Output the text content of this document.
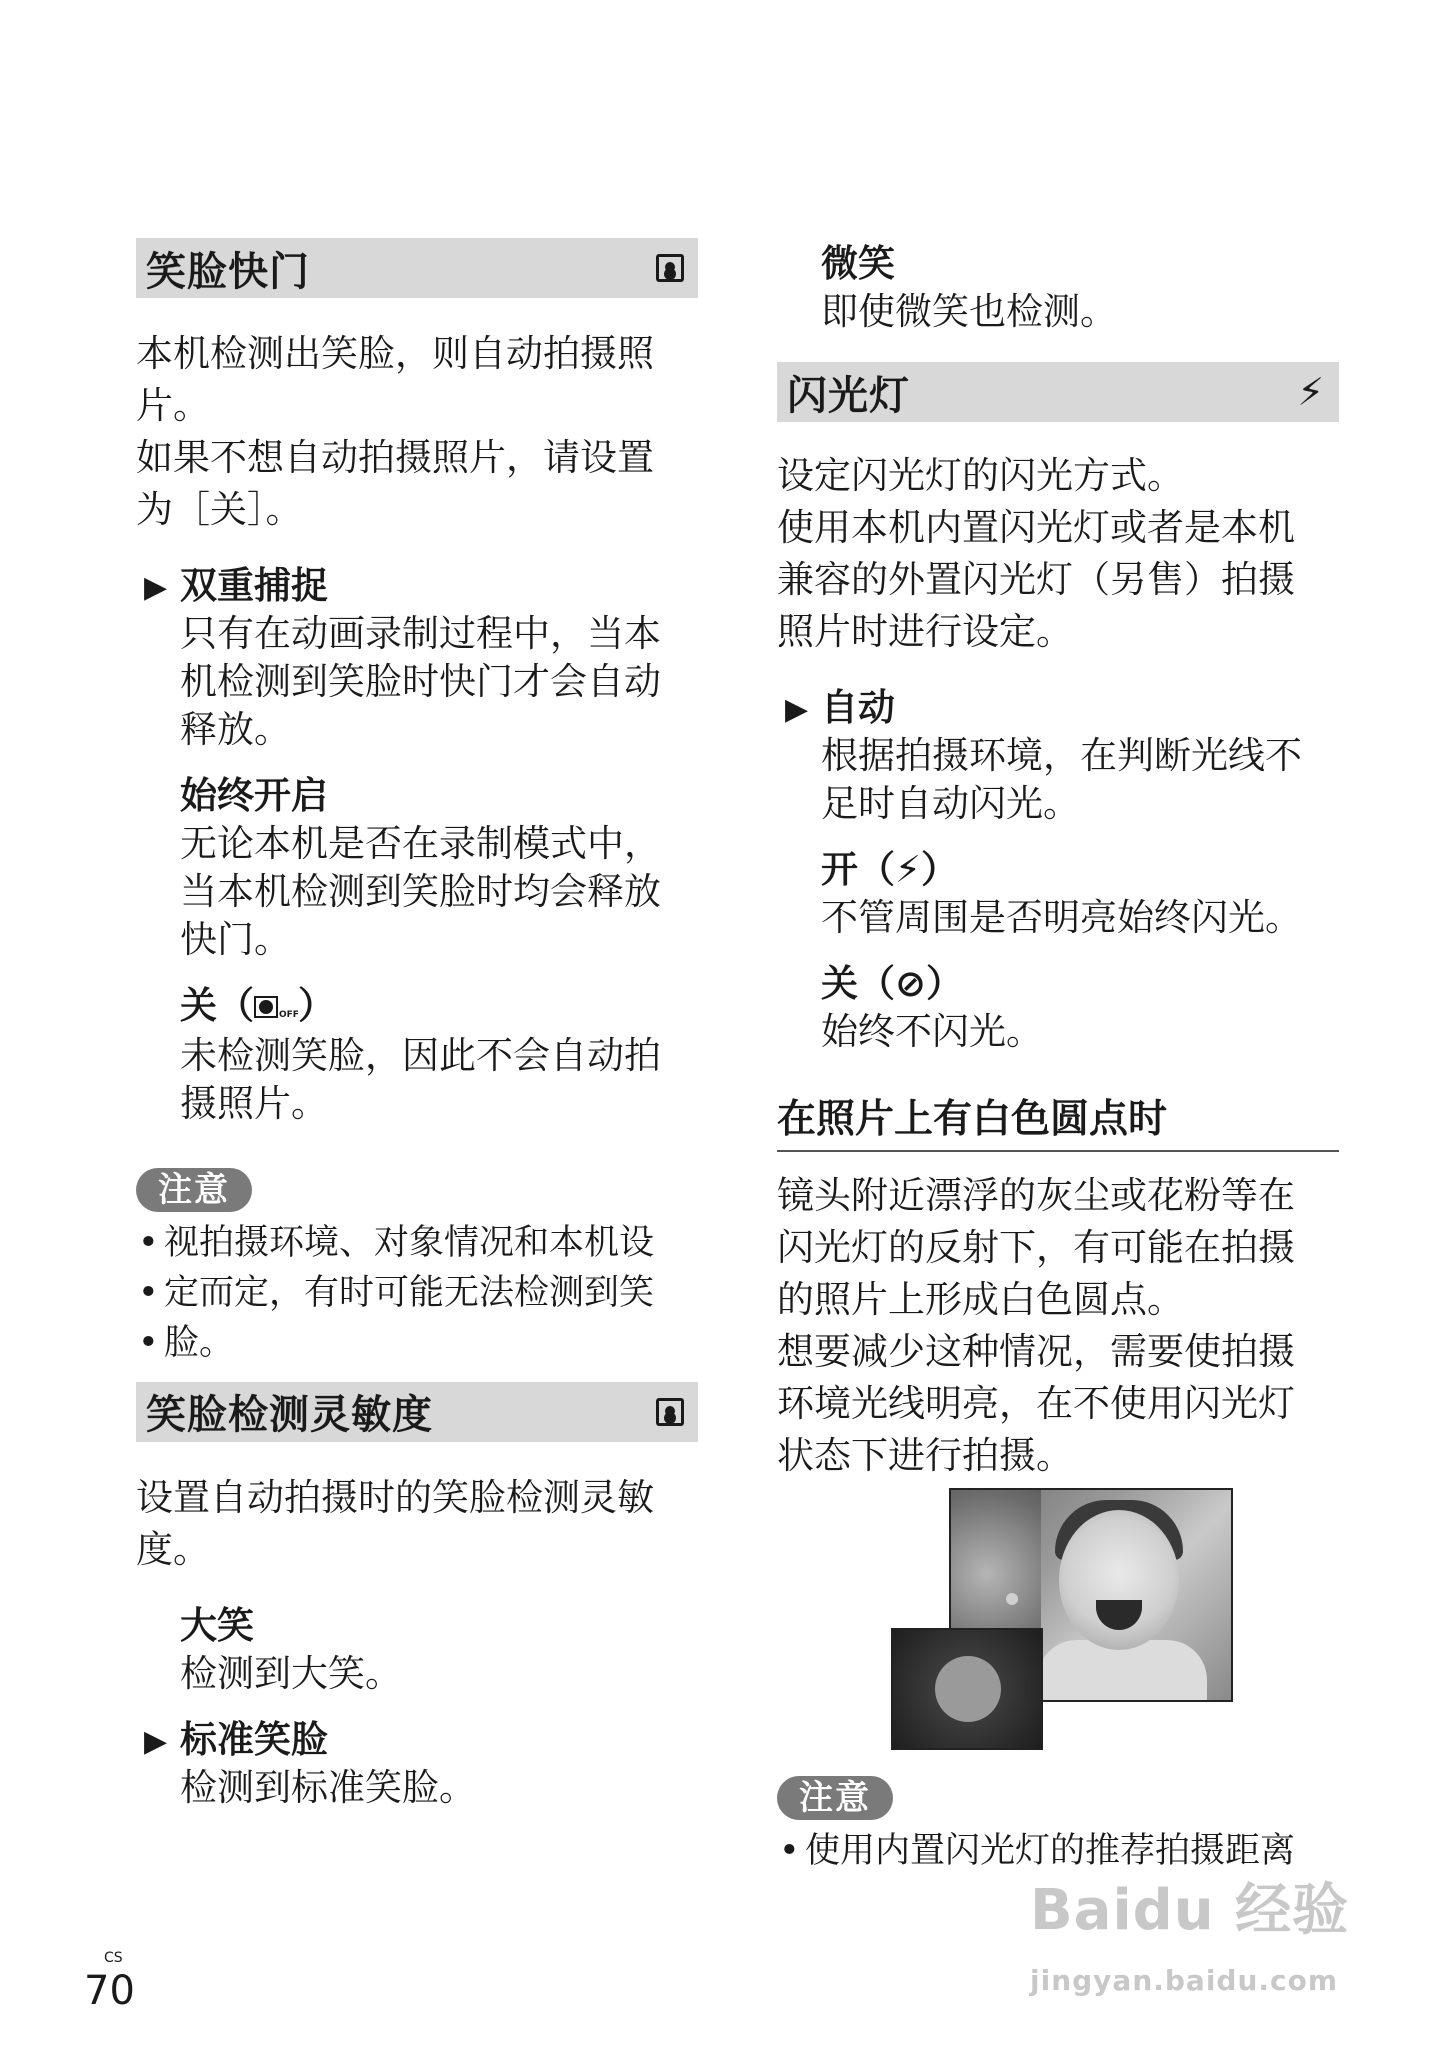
笑脸快门

本机检测出笑脸，则自动拍摄照

片。

如果不想自动拍摄照片，请设置

为［关］。

▶ 双重捕捉
只有在动画录制过程中，当本
机检测到笑脸时快门才会自动
释放。
始终开启
无论本机是否在录制模式中，
当本机检测到笑脸时均会释放
快门。
关（	OFF ）
未检测笑脸，因此不会自动拍
摄照片。
注意
• 视拍摄环境、对象情况和本机设
• 定而定，有时可能无法检测到笑
• 脸。
笑脸检测灵敏度

设置自动拍摄时的笑脸检测灵敏

度。

大笑
检测到大笑。
▶ 标准笑脸
检测到标准笑脸。
微笑
即使微笑也检测。
闪光灯	⚡

设定闪光灯的闪光方式。

使用本机内置闪光灯或者是本机

兼容的外置闪光灯（另售）拍摄

照片时进行设定。

▶ 自动
根据拍摄环境，在判断光线不
足时自动闪光。
开（⚡）
不管周围是否明亮始终闪光。
关（⊘）
始终不闪光。
在照片上有白色圆点时

镜头附近漂浮的灰尘或花粉等在

闪光灯的反射下，有可能在拍摄

的照片上形成白色圆点。

想要减少这种情况，需要使拍摄

环境光线明亮，在不使用闪光灯

状态下进行拍摄。

注意
• 使用内置闪光灯的推荐拍摄距离
CS
70
Baidu 经验
jingyan.baidu.com
